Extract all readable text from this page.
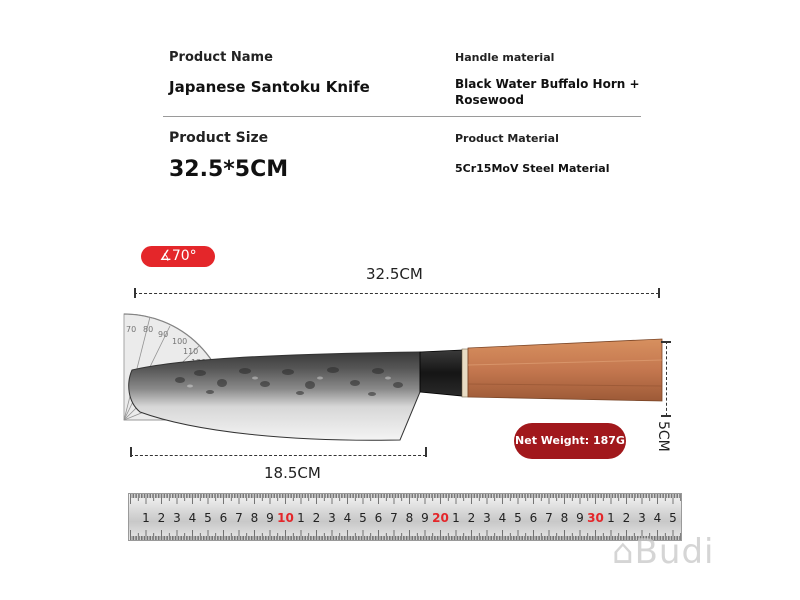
Product Name
Japanese Santoku Knife
Handle material
Black Water Buffalo Horn +
Rosewood
Product Size
32.5*5CM
Product Material
5Cr15MoV Steel Material
∡70°
32.5CM
70 80
90
100
110
5CM
Net Weight: 187G
18.5CM
1 2 3 4 5 6 7 8 9 10 1 2 3 4 5 6 7 8 9 20 1 2 3 4 5 6 7 8 9 30 1 2 3 4 5
⌂Budi
